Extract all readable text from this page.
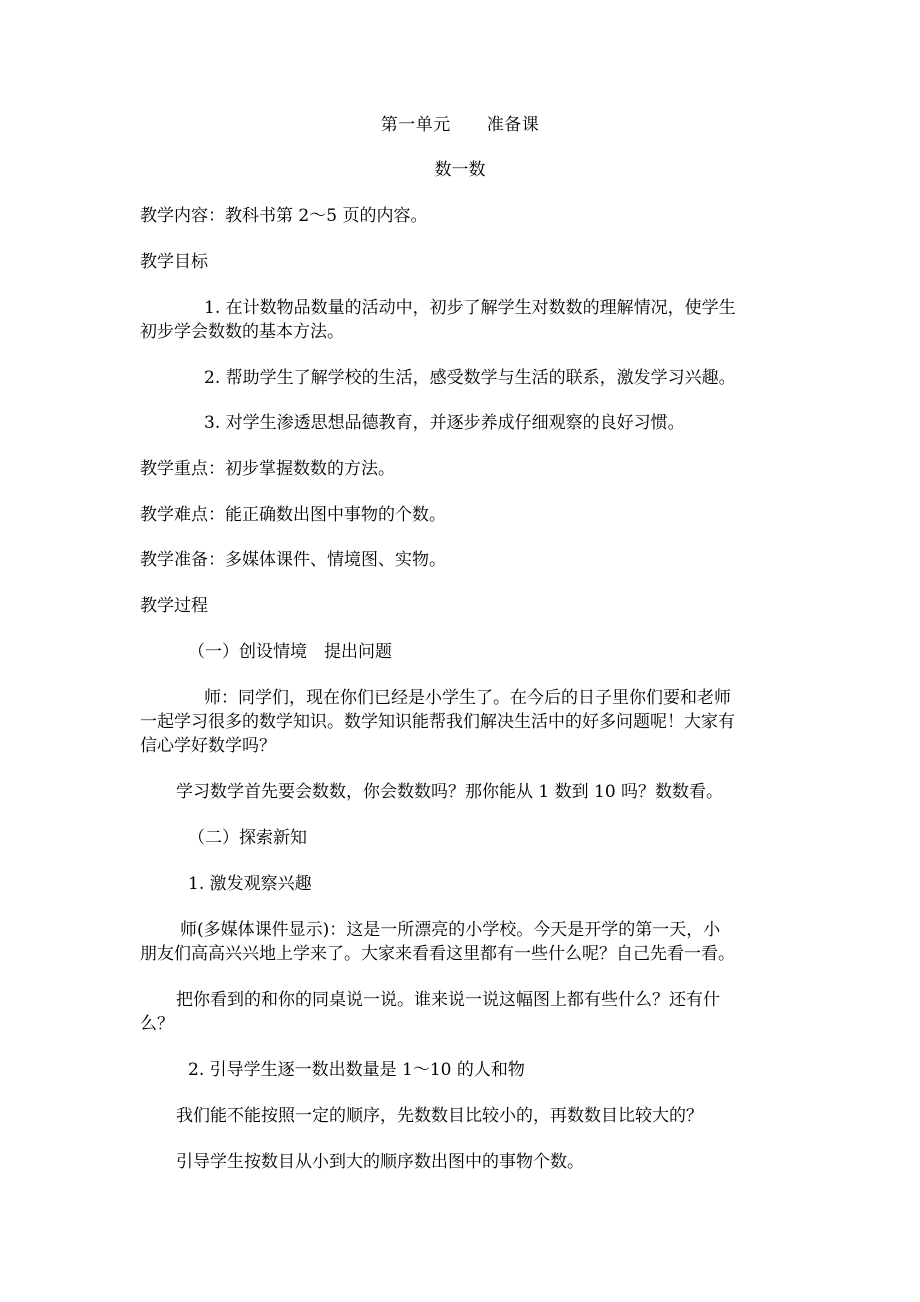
第一单元 准备课
数一数

教学内容：教科书第 2～5 页的内容。

教学目标

1. 在计数物品数量的活动中，初步了解学生对数数的理解情况，使学生

初步学会数数的基本方法。

2. 帮助学生了解学校的生活，感受数学与生活的联系，激发学习兴趣。

3. 对学生渗透思想品德教育，并逐步养成仔细观察的良好习惯。

教学重点：初步掌握数数的方法。

教学难点：能正确数出图中事物的个数。

教学准备：多媒体课件、情境图、实物。

教学过程

（一）创设情境　提出问题

师：同学们，现在你们已经是小学生了。在今后的日子里你们要和老师

一起学习很多的数学知识。数学知识能帮我们解决生活中的好多问题呢！大家有

信心学好数学吗？

学习数学首先要会数数，你会数数吗？那你能从 1 数到 10 吗？数数看。

（二）探索新知

1. 激发观察兴趣

师(多媒体课件显示)：这是一所漂亮的小学校。今天是开学的第一天，小

朋友们高高兴兴地上学来了。大家来看看这里都有一些什么呢？自己先看一看。

把你看到的和你的同桌说一说。谁来说一说这幅图上都有些什么？还有什

么？

2. 引导学生逐一数出数量是 1～10 的人和物

我们能不能按照一定的顺序，先数数目比较小的，再数数目比较大的？

引导学生按数目从小到大的顺序数出图中的事物个数。
